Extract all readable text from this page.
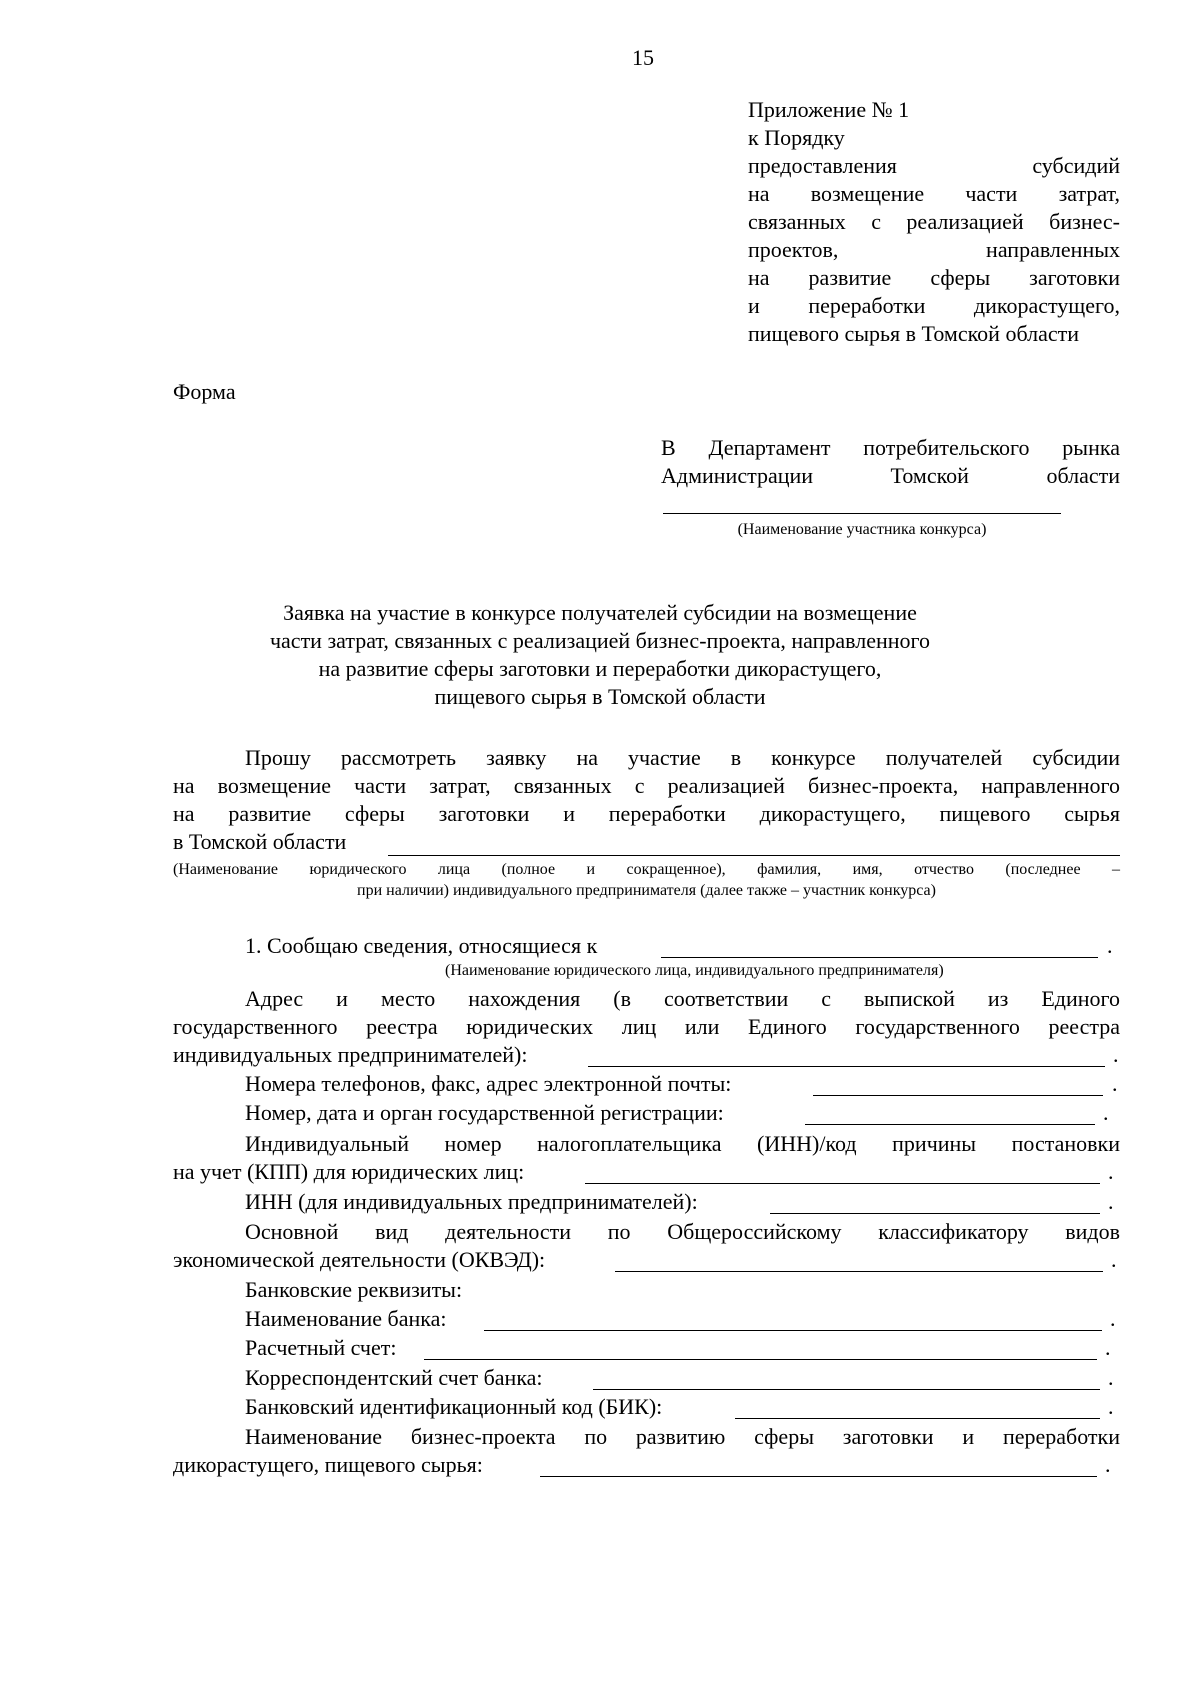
15
Приложение № 1
к Порядку
предоставления субсидий
на возмещение части затрат,
связанных с реализацией бизнес-
проектов, направленных
на развитие сферы заготовки
и переработки дикорастущего,
пищевого сырья в Томской области
Форма
В Департамент потребительского рынка
Администрации Томской области
(Наименование участника конкурса)
Заявка на участие в конкурсе получателей субсидии на возмещение
части затрат, связанных с реализацией бизнес-проекта, направленного
на развитие сферы заготовки и переработки дикорастущего,
пищевого сырья в Томской области
Прошу рассмотреть заявку на участие в конкурсе получателей субсидии
на возмещение части затрат, связанных с реализацией бизнес-проекта, направленного
на развитие сферы заготовки и переработки дикорастущего, пищевого сырья
в Томской области
(Наименование юридического лица (полное и сокращенное), фамилия, имя, отчество (последнее –
при наличии) индивидуального предпринимателя (далее также – участник конкурса)
1. Сообщаю сведения, относящиеся к	.
(Наименование юридического лица, индивидуального предпринимателя)
Адрес и место нахождения (в соответствии с выпиской из Единого
государственного реестра юридических лиц или Единого государственного реестра
индивидуальных предпринимателей):	.
Номера телефонов, факс, адрес электронной почты:	.
Номер, дата и орган государственной регистрации:	.
Индивидуальный номер налогоплательщика (ИНН)/код причины постановки
на учет (КПП) для юридических лиц:	.
ИНН (для индивидуальных предпринимателей):	.
Основной вид деятельности по Общероссийскому классификатору видов
экономической деятельности (ОКВЭД):	.
Банковские реквизиты:
Наименование банка:	.
Расчетный счет:	.
Корреспондентский счет банка:	.
Банковский идентификационный код (БИК):	.
Наименование бизнес-проекта по развитию сферы заготовки и переработки
дикорастущего, пищевого сырья:	.
